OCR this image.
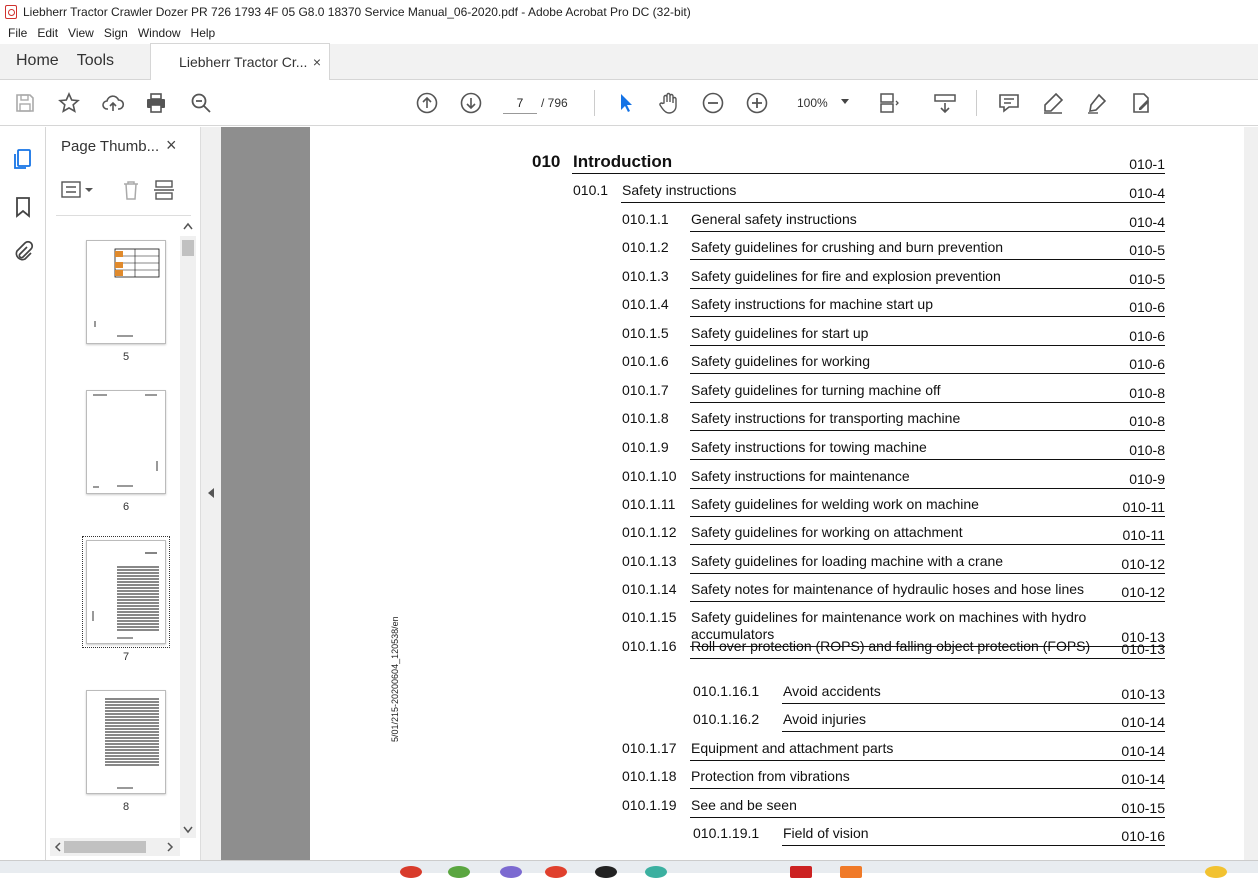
Liebherr Tractor Crawler Dozer PR 726 1793 4F 05 G8.0 18370 Service Manual_06-2020.pdf - Adobe Acrobat Pro DC (32-bit)
File Edit View Sign Window Help
Home	Tools	Liebherr Tractor Cr... ×
7	/ 796	100%
Page Thumb... ×
5
6
7
8
5/01/215-20200604_120538/en
010 Introduction	010-1
010.1 Safety instructions	010-4
010.1.1 General safety instructions	010-4
010.1.2 Safety guidelines for crushing and burn prevention	010-5
010.1.3 Safety guidelines for fire and explosion prevention	010-5
010.1.4 Safety instructions for machine start up	010-6
010.1.5 Safety guidelines for start up	010-6
010.1.6 Safety guidelines for working	010-6
010.1.7 Safety guidelines for turning machine off	010-8
010.1.8 Safety instructions for transporting machine	010-8
010.1.9 Safety instructions for towing machine	010-8
010.1.10 Safety instructions for maintenance	010-9
010.1.11 Safety guidelines for welding work on machine	010-11
010.1.12 Safety guidelines for working on attachment	010-11
010.1.13 Safety guidelines for loading machine with a crane	010-12
010.1.14 Safety notes for maintenance of hydraulic hoses and hose lines	010-12
010.1.15 Safety guidelines for maintenance work on machines with hydro
accumulators	010-13
010.1.16 Roll over protection (ROPS) and falling object protection (FOPS) 010-13
010.1.16.1 Avoid accidents	010-13
010.1.16.2 Avoid injuries	010-14
010.1.17 Equipment and attachment parts	010-14
010.1.18 Protection from vibrations	010-14
010.1.19 See and be seen	010-15
010.1.19.1 Field of vision	010-16
